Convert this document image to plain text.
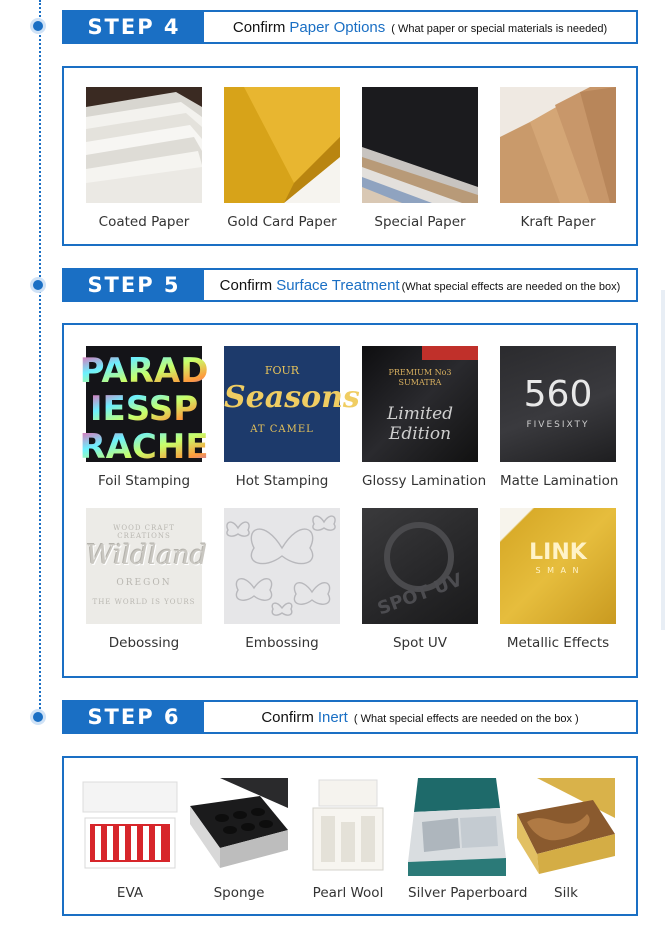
STEP 4	Confirm Paper Options ( What paper or special materials is needed)
Coated Paper	Gold Card Paper	Special Paper	Kraft Paper
STEP 5	Confirm Surface Treatment (What special effects are needed on the box)
PARAD
IESSP
RACHE
Foil Stamping
FOUR
Seasons
AT CAMEL
Hot Stamping
PREMIUM No3
SUMATRA
Limited
Edition
Glossy Lamination
560
FIVESIXTY
Matte Lamination
WOOD CRAFT CREATIONS
Wildland
OREGON
THE WORLD IS YOURS
Debossing	Embossing
SPOT UV
Spot UV
LINK
S M A N
Metallic Effects
STEP 6	Confirm Inert ( What special effects are needed on the box )
EVA	Sponge	Pearl Wool	Silver Paperboard	Silk
